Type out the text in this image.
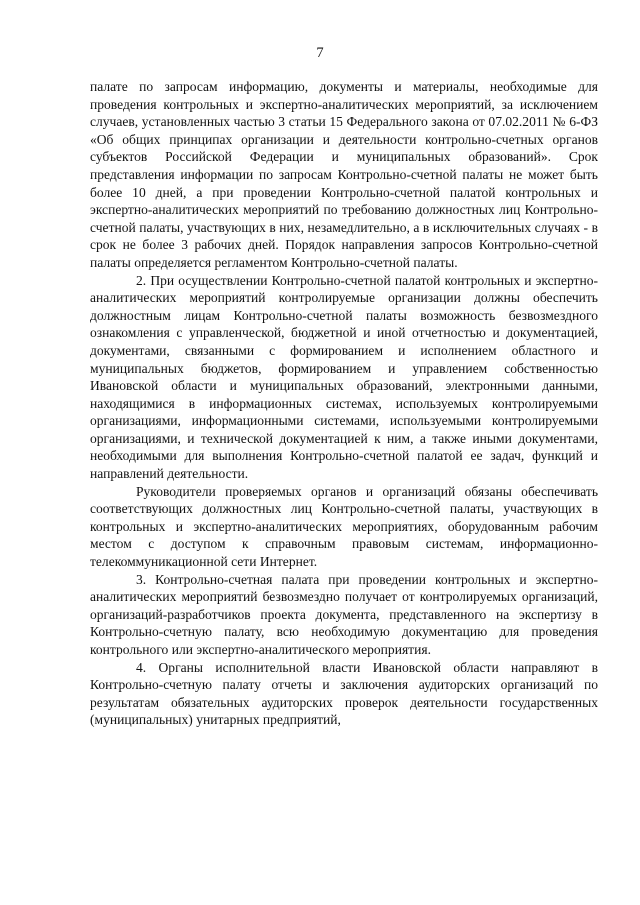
7

палате по запросам информацию, документы и материалы, необходимые для проведения контрольных и экспертно-аналитических мероприятий, за исключением случаев, установленных частью 3 статьи 15 Федерального закона от 07.02.2011 № 6-ФЗ «Об общих принципах организации и деятельности контрольно-счетных органов субъектов Российской Федерации и муниципальных образований». Срок представления информации по запросам Контрольно-счетной палаты не может быть более 10 дней, а при проведении Контрольно-счетной палатой контрольных и экспертно-аналитических мероприятий по требованию должностных лиц Контрольно-счетной палаты, участвующих в них, незамедлительно, а в исключительных случаях - в срок не более 3 рабочих дней. Порядок направления запросов Контрольно-счетной палаты определяется регламентом Контрольно-счетной палаты.

2. При осуществлении Контрольно-счетной палатой контрольных и экспертно-аналитических мероприятий контролируемые организации должны обеспечить должностным лицам Контрольно-счетной палаты возможность безвозмездного ознакомления с управленческой, бюджетной и иной отчетностью и документацией, документами, связанными с формированием и исполнением областного и муниципальных бюджетов, формированием и управлением собственностью Ивановской области и муниципальных образований, электронными данными, находящимися в информационных системах, используемых контролируемыми организациями, информационными системами, используемыми контролируемыми организациями, и технической документацией к ним, а также иными документами, необходимыми для выполнения Контрольно-счетной палатой ее задач, функций и направлений деятельности.

Руководители проверяемых органов и организаций обязаны обеспечивать соответствующих должностных лиц Контрольно-счетной палаты, участвующих в контрольных и экспертно-аналитических мероприятиях, оборудованным рабочим местом с доступом к справочным правовым системам, информационно-телекоммуникационной сети Интернет.

3. Контрольно-счетная палата при проведении контрольных и экспертно-аналитических мероприятий безвозмездно получает от контролируемых организаций, организаций-разработчиков проекта документа, представленного на экспертизу в Контрольно-счетную палату, всю необходимую документацию для проведения контрольного или экспертно-аналитического мероприятия.

4. Органы исполнительной власти Ивановской области направляют в Контрольно-счетную палату отчеты и заключения аудиторских организаций по результатам обязательных аудиторских проверок деятельности государственных (муниципальных) унитарных предприятий,
